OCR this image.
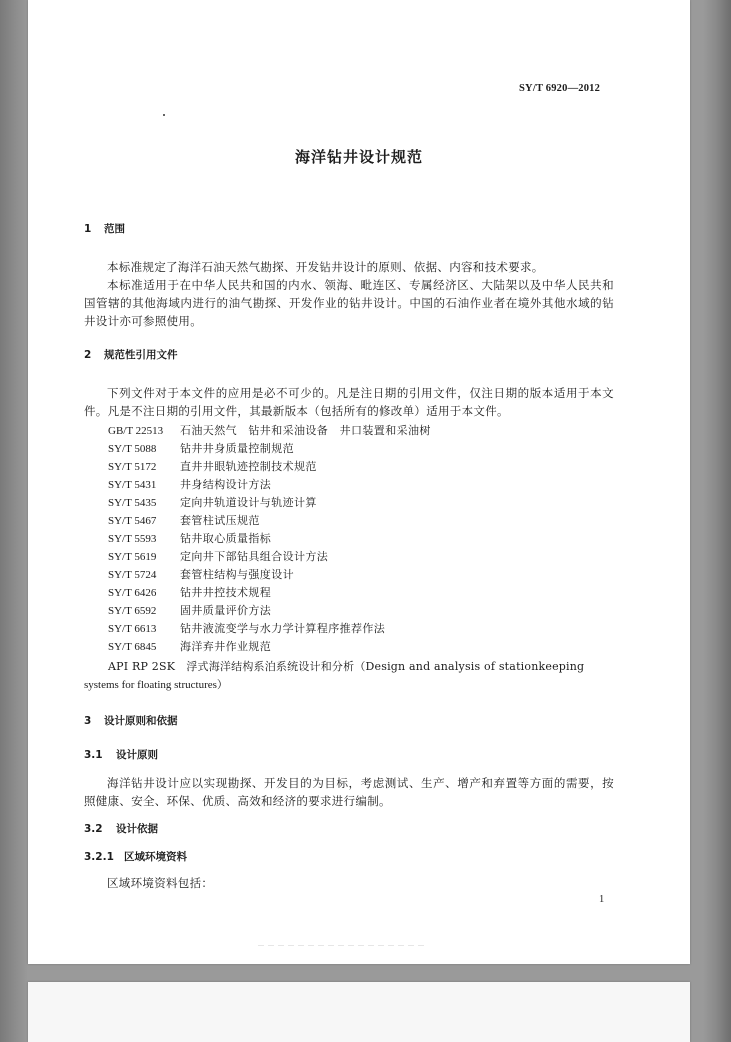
SY/T 6920—2012
海洋钻井设计规范
1 范围
本标准规定了海洋石油天然气勘探、开发钻井设计的原则、依据、内容和技术要求。
本标准适用于在中华人民共和国的内水、领海、毗连区、专属经济区、大陆架以及中华人民共和国管辖的其他海域内进行的油气勘探、开发作业的钻井设计。中国的石油作业者在境外其他水域的钻井设计亦可参照使用。
2 规范性引用文件
下列文件对于本文件的应用是必不可少的。凡是注日期的引用文件，仅注日期的版本适用于本文件。凡是不注日期的引用文件，其最新版本（包括所有的修改单）适用于本文件。
GB/T 22513 石油天然气　钻井和采油设备　井口装置和采油树
SY/T 5088 钻井井身质量控制规范
SY/T 5172 直井井眼轨迹控制技术规范
SY/T 5431 井身结构设计方法
SY/T 5435 定向井轨道设计与轨迹计算
SY/T 5467 套管柱试压规范
SY/T 5593 钻井取心质量指标
SY/T 5619 定向井下部钻具组合设计方法
SY/T 5724 套管柱结构与强度设计
SY/T 6426 钻井井控技术规程
SY/T 6592 固井质量评价方法
SY/T 6613 钻井液流变学与水力学计算程序推荐作法
SY/T 6845 海洋弃井作业规范
API RP 2SK　浮式海洋结构系泊系统设计和分析（Design and analysis of stationkeeping
systems for floating structures）
3 设计原则和依据
3.1 设计原则
海洋钻井设计应以实现勘探、开发目的为目标，考虑测试、生产、增产和弃置等方面的需要，按照健康、安全、环保、优质、高效和经济的要求进行编制。
3.2 设计依据
3.2.1 区域环境资料
区域环境资料包括：
1
